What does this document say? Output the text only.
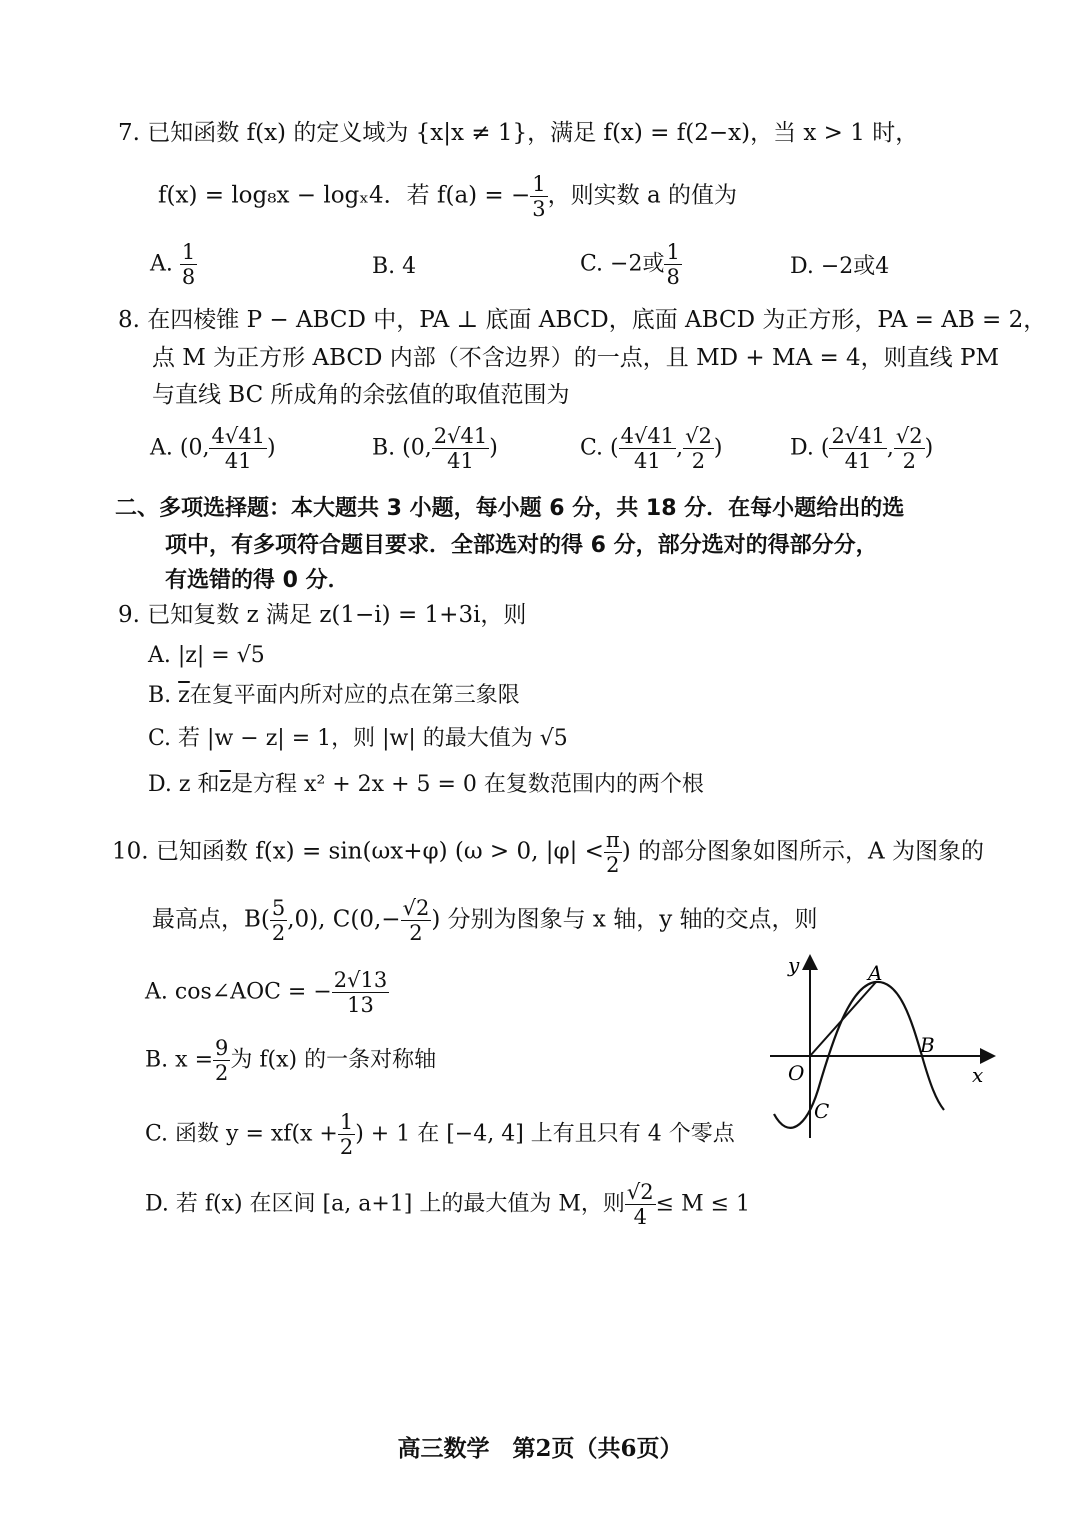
7. 已知函数 f(x) 的定义域为 {x|x ≠ 1}，满足 f(x) = f(2−x)，当 x > 1 时，
f(x) = log₈x − logₓ4．若 f(a) = − $\frac{1}{3}$ ，则实数 a 的值为
A. $\frac{1}{8}$	B. 4	C. −2或 $\frac{1}{8}$	D. −2或4
8. 在四棱锥 P − ABCD 中，PA ⊥ 底面 ABCD，底面 ABCD 为正方形，PA = AB = 2，
点 M 为正方形 ABCD 内部（不含边界）的一点，且 MD + MA = 4，则直线 PM
与直线 BC 所成角的余弦值的取值范围为
A. (0, $\frac{4√41}{41}$ )	B. (0, $\frac{2√41}{41}$ )	C. ( $\frac{4√41}{41}$ , $\frac{√2}{2}$ )	D. ( $\frac{2√41}{41}$ , $\frac{√2}{2}$ )
二、多项选择题：本大题共 3 小题，每小题 6 分，共 18 分．在每小题给出的选
项中，有多项符合题目要求．全部选对的得 6 分，部分选对的得部分分，
有选错的得 0 分．
9. 已知复数 z 满足 z(1−i) = 1+3i，则
A. |z| = √5
B. $\overline{z}$在复平面内所对应的点在第三象限
C. 若 |w − z| = 1，则 |w| 的最大值为 √5
D. z 和$\overline{z}$是方程 x² + 2x + 5 = 0 在复数范围内的两个根
10. 已知函数 f(x) = sin(ωx+φ) (ω > 0, $|\varphi| < \frac{\pi}{2}$ ) 的部分图象如图所示，A 为图象的
最高点，$B( \frac{5}{2} ,0)$, $C(0,- \frac{√2}{2}$ ) 分别为图象与 x 轴，y 轴的交点，则
A. cos∠AOC = − $\frac{2√13}{13}$
B. $x = \frac{9}{2}$ 为 f(x) 的一条对称轴
C. 函数 $y = xf(x + \frac{1}{2}$ ) + 1 在 [−4, 4] 上有且只有 4 个零点
D. 若 f(x) 在区间 [a, a+1] 上的最大值为 M，则 $\frac{√2}{4} \le M \le 1$
y
x
O
A
B
C
高三数学　第2页（共6页）
